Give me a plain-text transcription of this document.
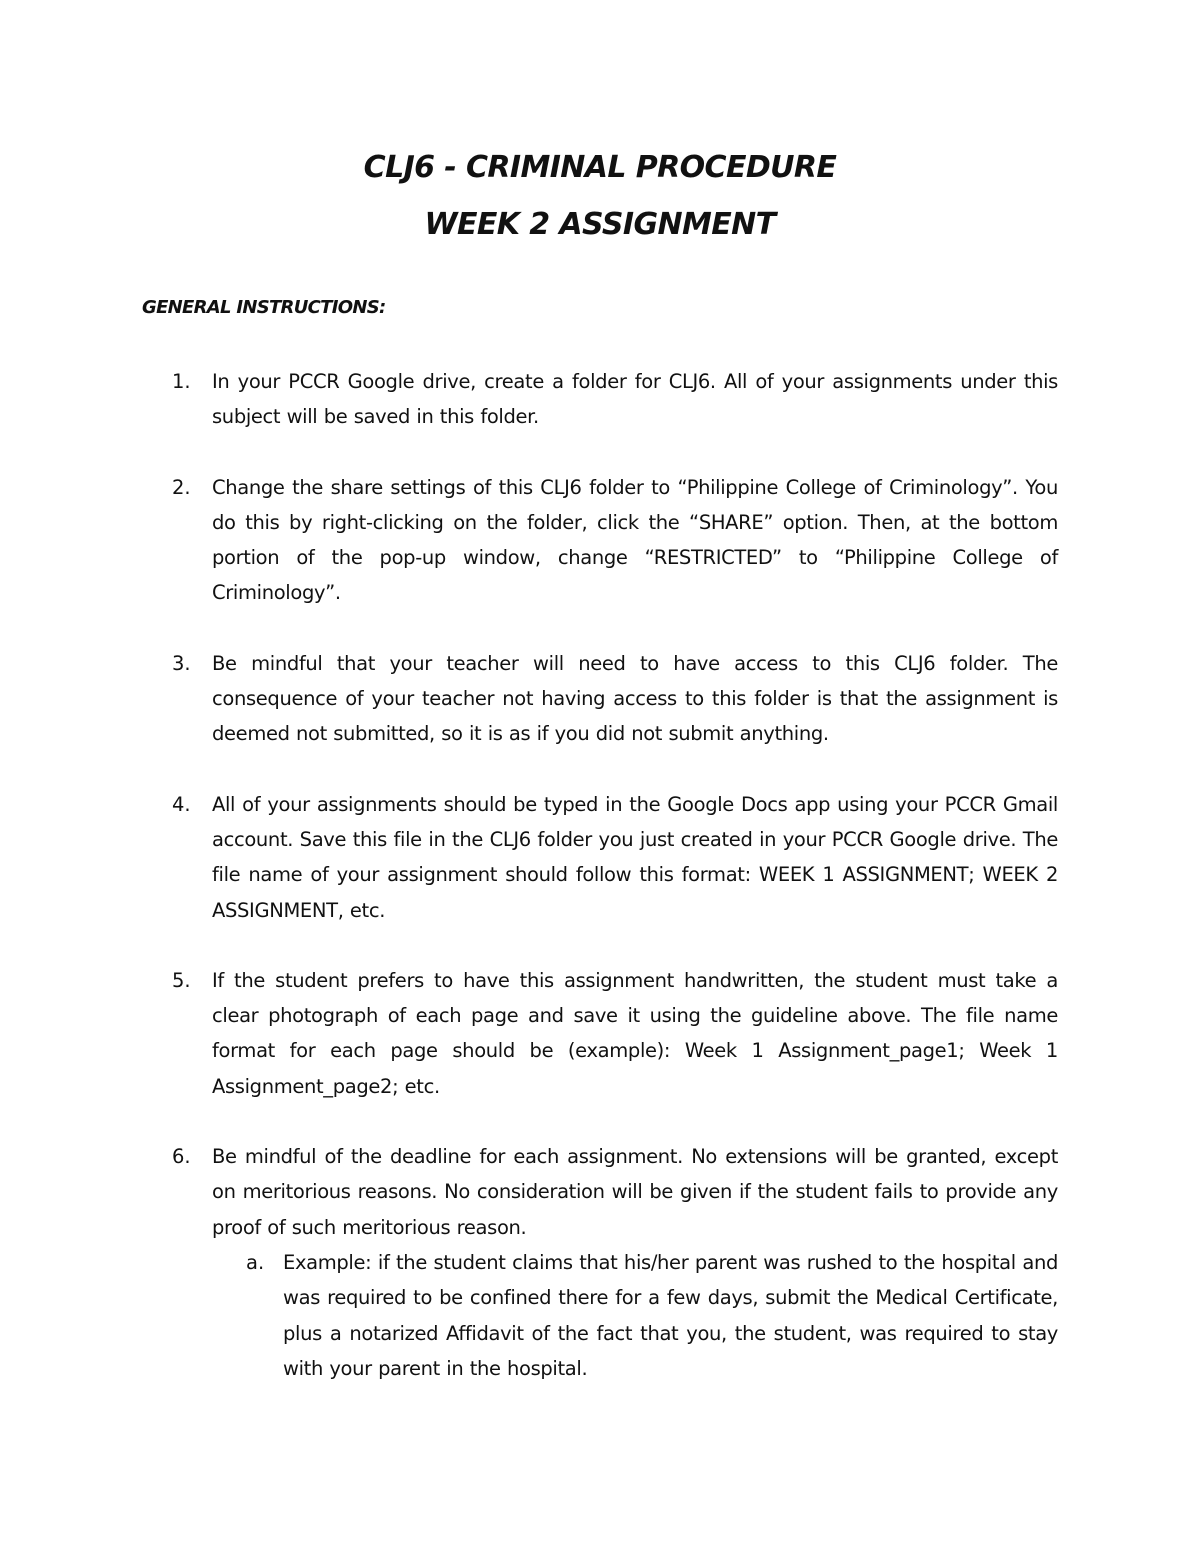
CLJ6 - CRIMINAL PROCEDURE
WEEK 2 ASSIGNMENT

GENERAL INSTRUCTIONS:

1. In your PCCR Google drive, create a folder for CLJ6. All of your assignments under this subject will be saved in this folder.

2. Change the share settings of this CLJ6 folder to “Philippine College of Criminology”. You do this by right-clicking on the folder, click the “SHARE” option. Then, at the bottom portion of the pop-up window, change “RESTRICTED” to “Philippine College of Criminology”.

3. Be mindful that your teacher will need to have access to this CLJ6 folder. The consequence of your teacher not having access to this folder is that the assignment is deemed not submitted, so it is as if you did not submit anything.

4. All of your assignments should be typed in the Google Docs app using your PCCR Gmail account. Save this file in the CLJ6 folder you just created in your PCCR Google drive. The file name of your assignment should follow this format: WEEK 1 ASSIGNMENT; WEEK 2 ASSIGNMENT, etc.

5. If the student prefers to have this assignment handwritten, the student must take a clear photograph of each page and save it using the guideline above. The file name format for each page should be (example): Week 1 Assignment_page1; Week 1 Assignment_page2; etc.

6. Be mindful of the deadline for each assignment. No extensions will be granted, except on meritorious reasons. No consideration will be given if the student fails to provide any proof of such meritorious reason.

a. Example: if the student claims that his/her parent was rushed to the hospital and was required to be confined there for a few days, submit the Medical Certificate, plus a notarized Affidavit of the fact that you, the student, was required to stay with your parent in the hospital.
